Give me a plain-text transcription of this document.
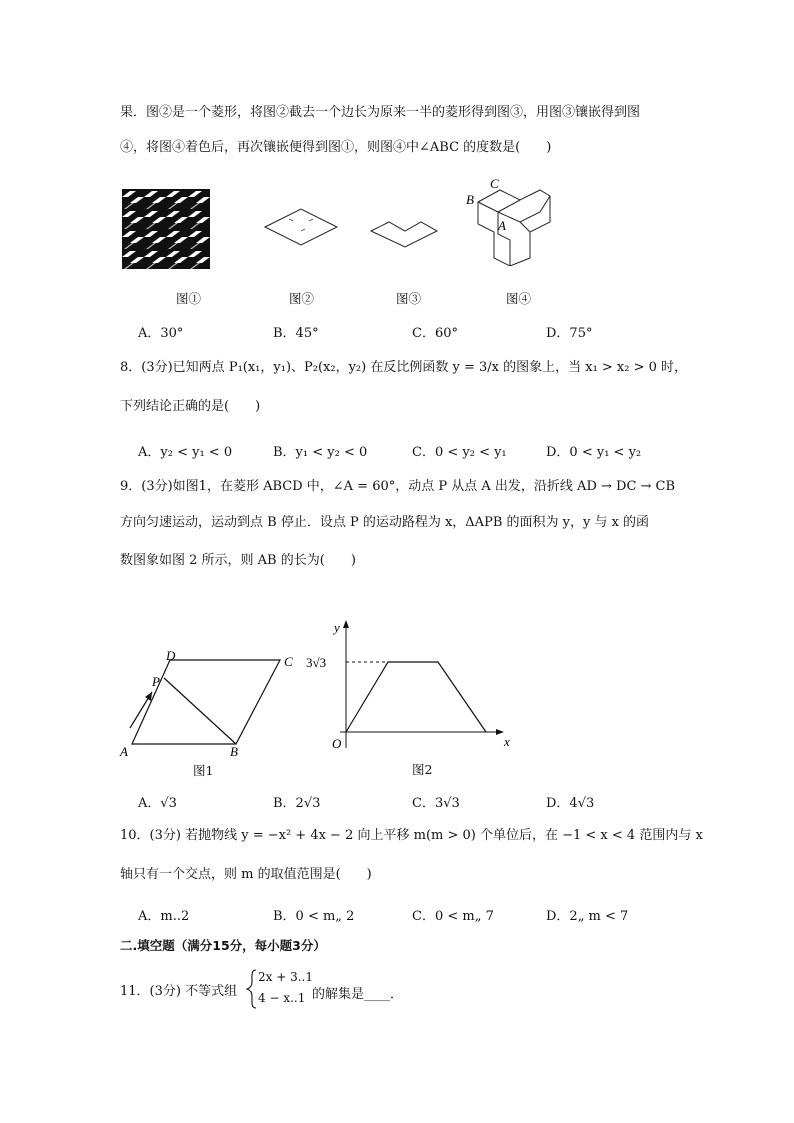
果．图②是一个菱形，将图②截去一个边长为原来一半的菱形得到图③，用图③镶嵌得到图
④，将图④着色后，再次镶嵌便得到图①，则图④中∠ABC 的度数是(　　)
C
B
A
图①	图②	图③	图④
A．30°	B．45°	C．60°	D．75°
8．(3分)已知两点 P₁(x₁，y₁)、P₂(x₂，y₂) 在反比例函数 y = 3/x 的图象上，当 x₁ > x₂ > 0 时，
下列结论正确的是(　　)
A．y₂ < y₁ < 0	B．y₁ < y₂ < 0	C．0 < y₂ < y₁	D．0 < y₁ < y₂
9．(3分)如图1，在菱形 ABCD 中，∠A = 60°，动点 P 从点 A 出发，沿折线 AD → DC → CB
方向匀速运动，运动到点 B 停止．设点 P 的运动路程为 x，ΔAPB 的面积为 y，y 与 x 的函
数图象如图 2 所示，则 AB 的长为(　　)
D	C
P
A	B
图1
y
x
O
3√3
图2
A．√3	B．2√3	C．3√3	D．4√3
10．(3分) 若抛物线 y = −x² + 4x − 2 向上平移 m(m > 0) 个单位后，在 −1 < x < 4 范围内与 x
轴只有一个交点，则 m 的取值范围是(　　)
A．m..2	B．0 < m„ 2	C．0 < m„ 7	D．2„ m < 7
二.填空题（满分15分，每小题3分）
11．(3分) 不等式组
2x + 3..1
4 − x..1 的解集是____．
